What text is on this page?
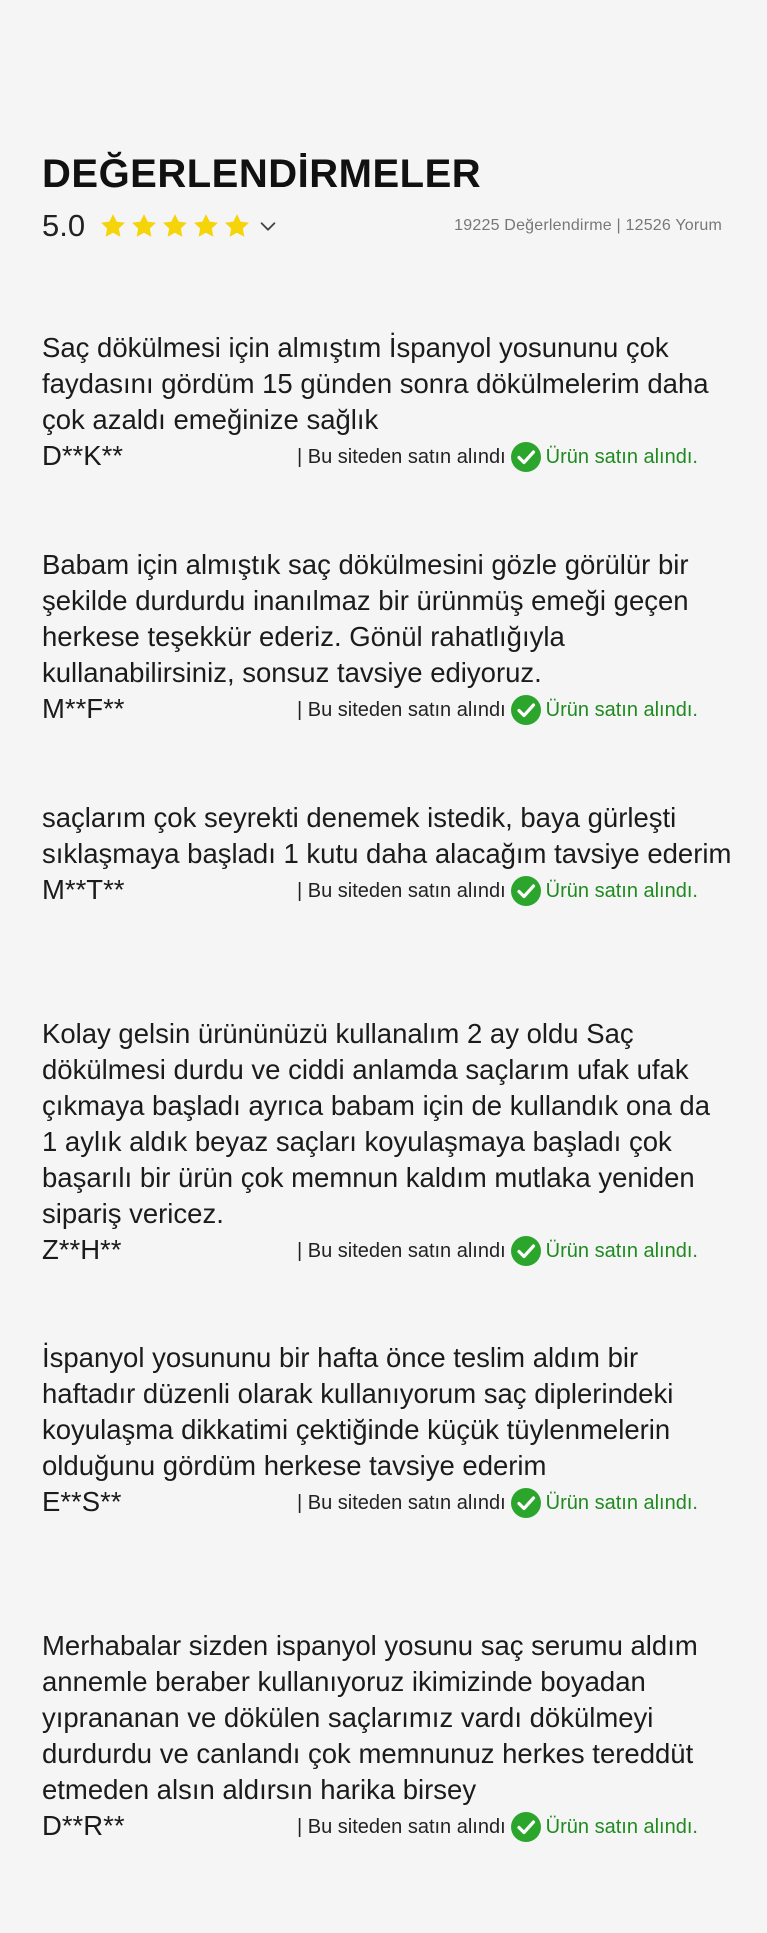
DEĞERLENDİRMELER
5.0	19225 Değerlendirme | 12526 Yorum

Saç dökülmesi için almıştım İspanyol yosununu çok faydasını gördüm 15 günden sonra dökülmelerim daha çok azaldı emeğinize sağlık

D**K**	| Bu siteden satın alındı Ürün satın alındı.

Babam için almıştık saç dökülmesini gözle görülür bir şekilde durdurdu inanılmaz bir ürünmüş emeği geçen herkese teşekkür ederiz. Gönül rahatlığıyla kullanabilirsiniz, sonsuz tavsiye ediyoruz.

M**F**	| Bu siteden satın alındı Ürün satın alındı.

saçlarım çok seyrekti denemek istedik, baya gürleşti sıklaşmaya başladı 1 kutu daha alacağım tavsiye ederim

M**T**	| Bu siteden satın alındı Ürün satın alındı.

Kolay gelsin ürününüzü kullanalım 2 ay oldu Saç dökülmesi durdu ve ciddi anlamda saçlarım ufak ufak çıkmaya başladı ayrıca babam için de kullandık ona da 1 aylık aldık beyaz saçları koyulaşmaya başladı çok başarılı bir ürün çok memnun kaldım mutlaka yeniden sipariş vericez.

Z**H**	| Bu siteden satın alındı Ürün satın alındı.

İspanyol yosununu bir hafta önce teslim aldım bir haftadır düzenli olarak kullanıyorum saç diplerindeki koyulaşma dikkatimi çektiğinde küçük tüylenmelerin olduğunu gördüm herkese tavsiye ederim

E**S**	| Bu siteden satın alındı Ürün satın alındı.

Merhabalar sizden ispanyol yosunu saç serumu aldım annemle beraber kullanıyoruz ikimizinde boyadan yıprananan ve dökülen saçlarımız vardı dökülmeyi durdurdu ve canlandı çok memnunuz herkes tereddüt etmeden alsın aldırsın harika birsey

D**R**	| Bu siteden satın alındı Ürün satın alındı.
